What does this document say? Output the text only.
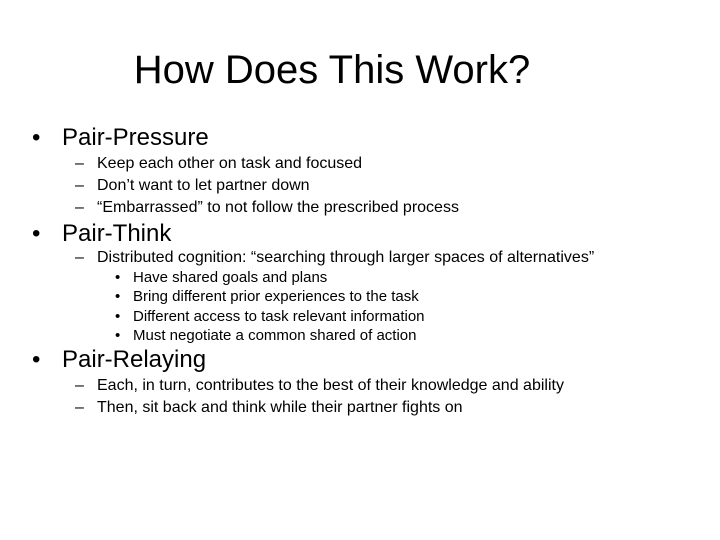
How Does This Work?
• Pair-Pressure
– Keep each other on task and focused
– Don’t want to let partner down
– “Embarrassed” to not follow the prescribed process
• Pair-Think
– Distributed cognition: “searching through larger spaces of alternatives”
• Have shared goals and plans
• Bring different prior experiences to the task
• Different access to task relevant information
• Must negotiate a common shared of action
• Pair-Relaying
– Each, in turn, contributes to the best of their knowledge and ability
– Then, sit back and think while their partner fights on
